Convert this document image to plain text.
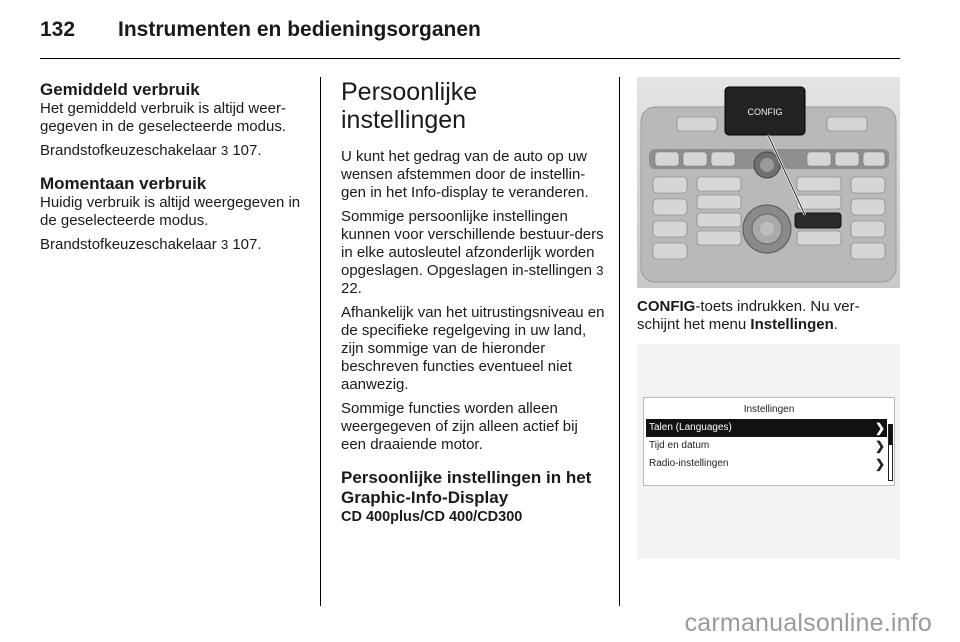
132 Instrumenten en bedieningsorganen
Gemiddeld verbruik

Het gemiddeld verbruik is altijd weer-gegeven in de geselecteerde modus.

Brandstofkeuzeschakelaar 3 107.

Momentaan verbruik

Huidig verbruik is altijd weergegeven in de geselecteerde modus.

Brandstofkeuzeschakelaar 3 107.

Persoonlijke
instellingen

U kunt het gedrag van de auto op uw wensen afstemmen door de instellin-gen in het Info-display te veranderen.

Sommige persoonlijke instellingen kunnen voor verschillende bestuur-ders in elke autosleutel afzonderlijk worden opgeslagen. Opgeslagen in-stellingen 3 22.

Afhankelijk van het uitrustingsniveau en de specifieke regelgeving in uw land, zijn sommige van de hieronder beschreven functies eventueel niet aanwezig.

Sommige functies worden alleen weergegeven of zijn alleen actief bij een draaiende motor.

Persoonlijke instellingen in het Graphic-Info-Display
CD 400plus/CD 400/CD300
CONFIG
CONFIG-toets indrukken. Nu ver-schijnt het menu Instellingen.
Instellingen
Talen (Languages)	❯
Tijd en datum	❯
Radio-instellingen	❯
carmanualsonline.info
